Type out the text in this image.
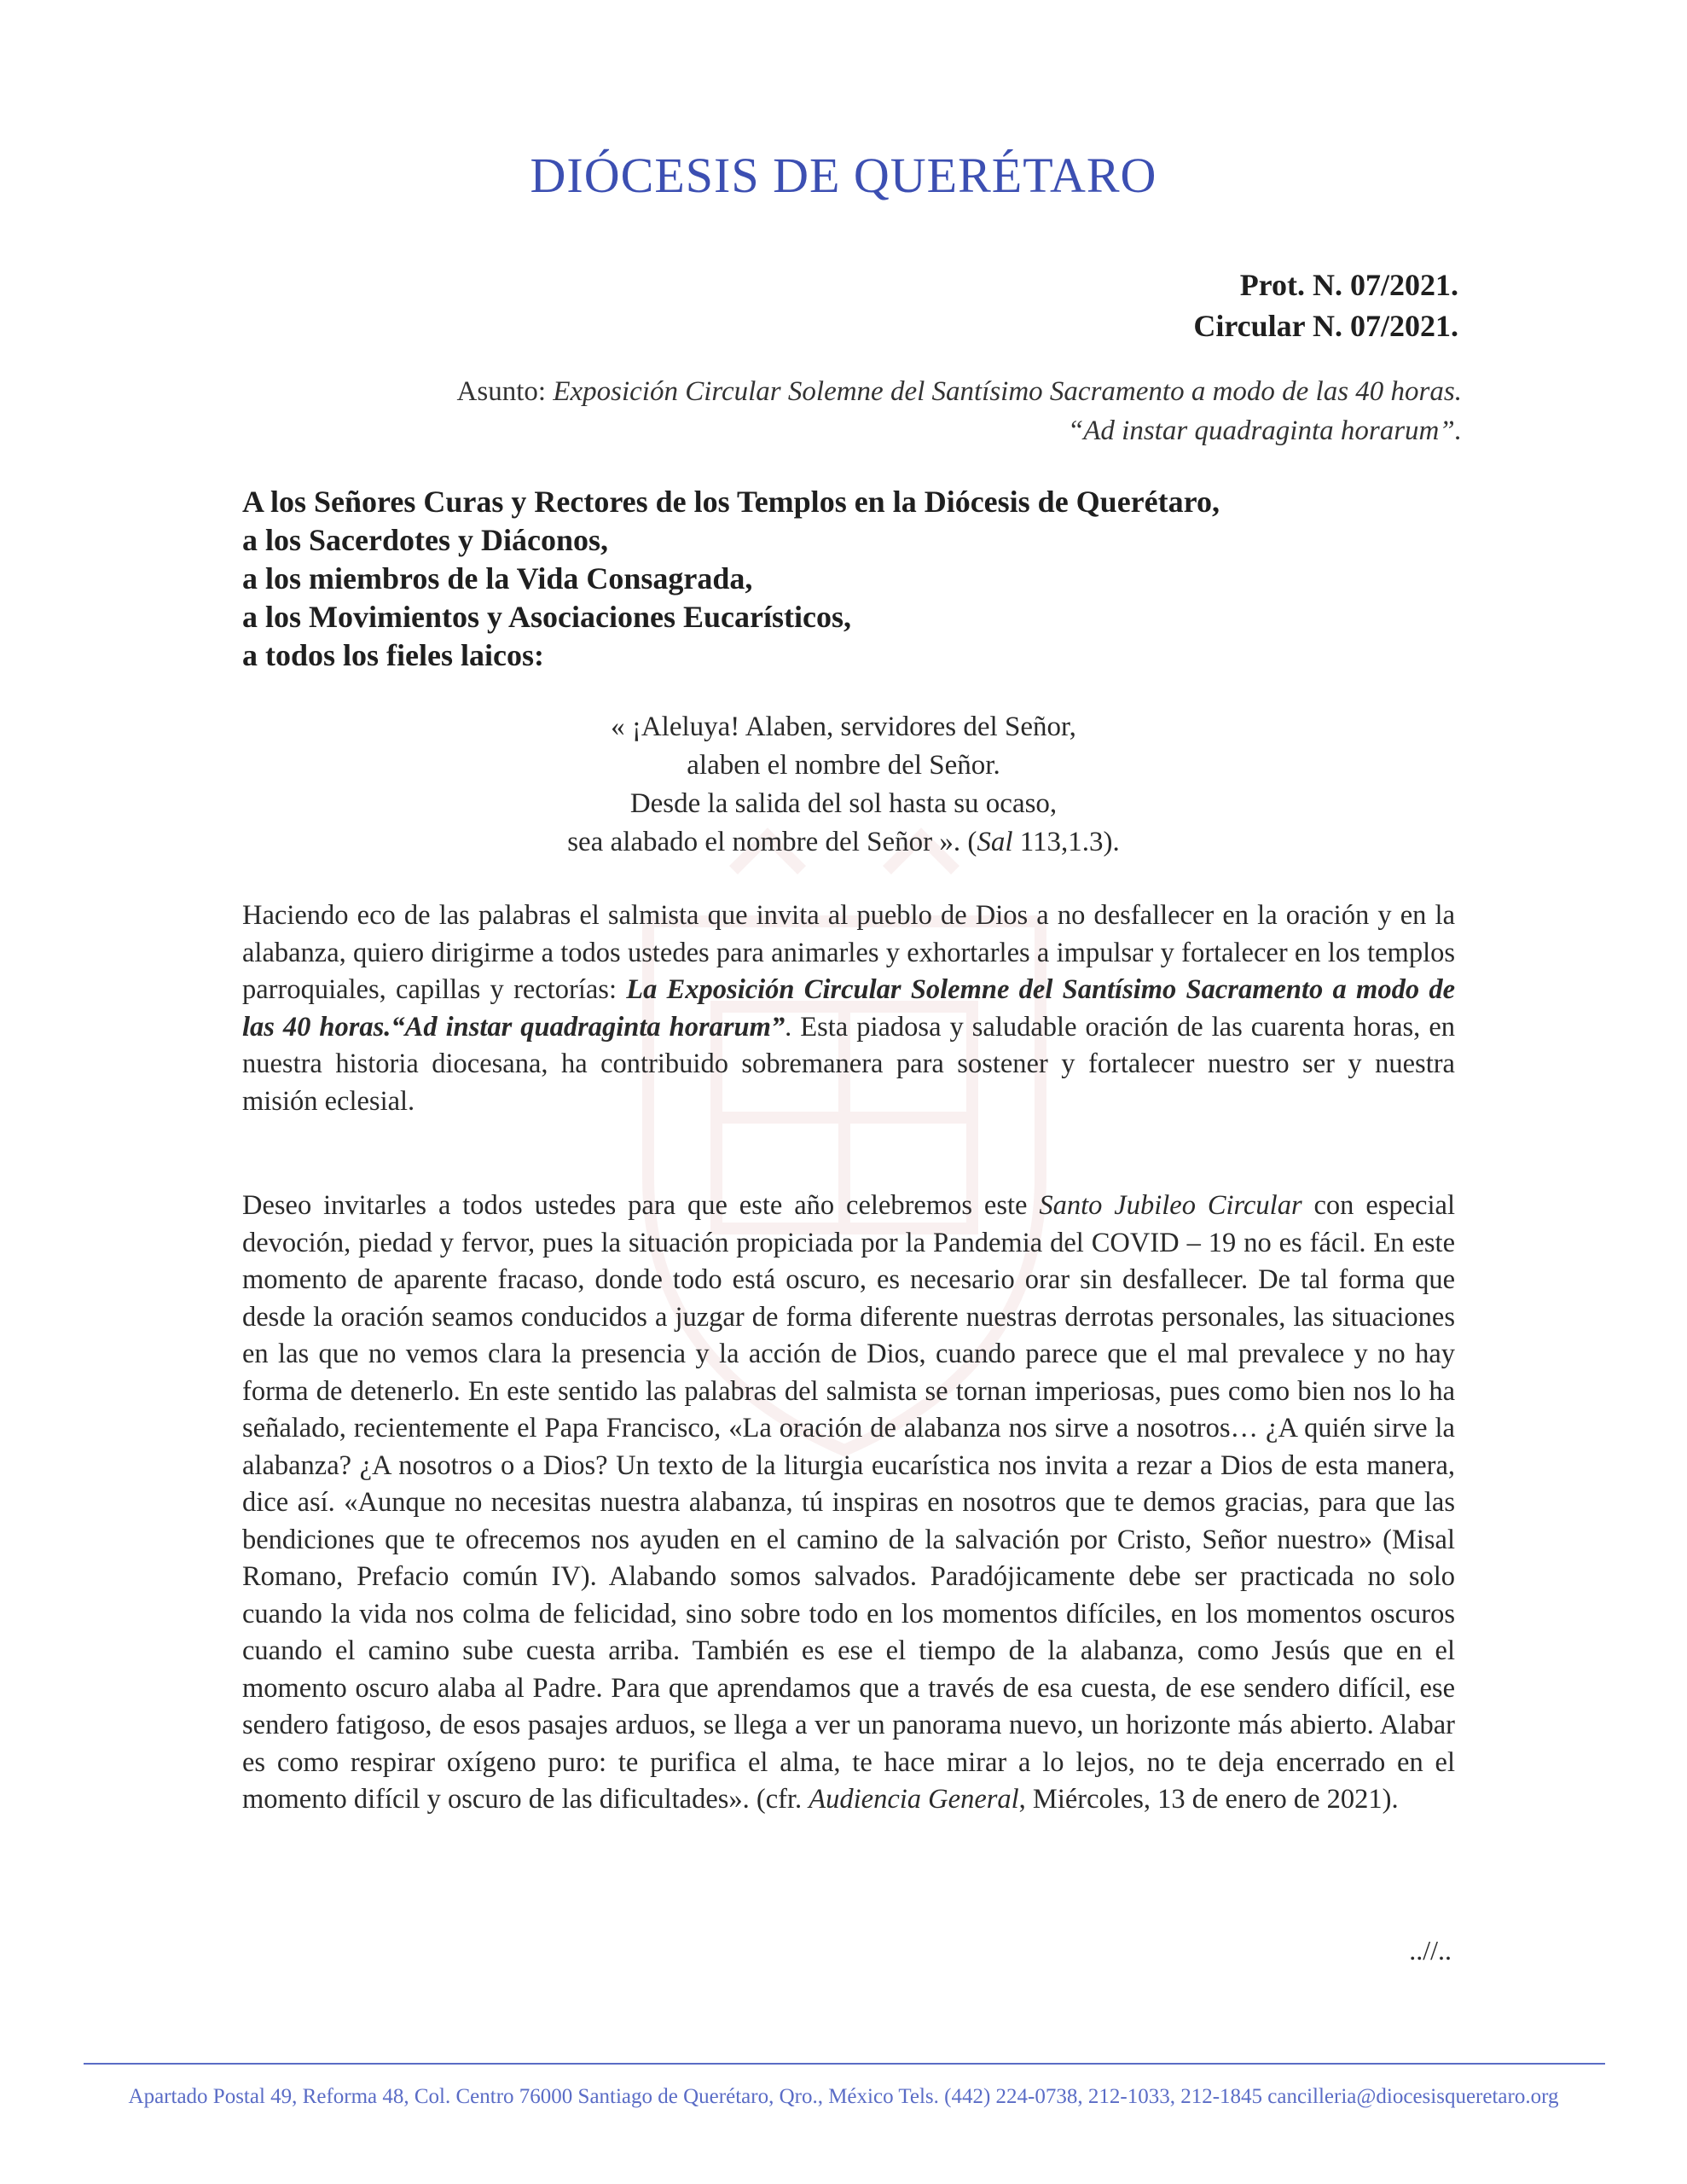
DIÓCESIS DE QUERÉTARO
Prot. N. 07/2021.
Circular N. 07/2021.
Asunto: Exposición Circular Solemne del Santísimo Sacramento a modo de las 40 horas.
“Ad instar quadraginta horarum”.
A los Señores Curas y Rectores de los Templos en la Diócesis de Querétaro,
a los Sacerdotes y Diáconos,
a los miembros de la Vida Consagrada,
a los Movimientos y Asociaciones Eucarísticos,
a todos los fieles laicos:
« ¡Aleluya! Alaben, servidores del Señor,
alaben el nombre del Señor.
Desde la salida del sol hasta su ocaso,
sea alabado el nombre del Señor ». (Sal 113,1.3).
Haciendo eco de las palabras el salmista que invita al pueblo de Dios a no desfallecer en la oración y en la alabanza, quiero dirigirme a todos ustedes para animarles y exhortarles a impulsar y fortalecer en los templos parroquiales, capillas y rectorías: La Exposición Circular Solemne del Santísimo Sacramento a modo de las 40 horas.“Ad instar quadraginta horarum”. Esta piadosa y saludable oración de las cuarenta horas, en nuestra historia diocesana, ha contribuido sobremanera para sostener y fortalecer nuestro ser y nuestra misión eclesial.
Deseo invitarles a todos ustedes para que este año celebremos este Santo Jubileo Circular con especial devoción, piedad y fervor, pues la situación propiciada por la Pandemia del COVID – 19 no es fácil. En este momento de aparente fracaso, donde todo está oscuro, es necesario orar sin desfallecer. De tal forma que desde la oración seamos conducidos a juzgar de forma diferente nuestras derrotas personales, las situaciones en las que no vemos clara la presencia y la acción de Dios, cuando parece que el mal prevalece y no hay forma de detenerlo. En este sentido las palabras del salmista se tornan imperiosas, pues como bien nos lo ha señalado, recientemente el Papa Francisco, «La oración de alabanza nos sirve a nosotros… ¿A quién sirve la alabanza? ¿A nosotros o a Dios? Un texto de la liturgia eucarística nos invita a rezar a Dios de esta manera, dice así. «Aunque no necesitas nuestra alabanza, tú inspiras en nosotros que te demos gracias, para que las bendiciones que te ofrecemos nos ayuden en el camino de la salvación por Cristo, Señor nuestro» (Misal Romano, Prefacio común IV). Alabando somos salvados. Paradójicamente debe ser practicada no solo cuando la vida nos colma de felicidad, sino sobre todo en los momentos difíciles, en los momentos oscuros cuando el camino sube cuesta arriba. También es ese el tiempo de la alabanza, como Jesús que en el momento oscuro alaba al Padre. Para que aprendamos que a través de esa cuesta, de ese sendero difícil, ese sendero fatigoso, de esos pasajes arduos, se llega a ver un panorama nuevo, un horizonte más abierto. Alabar es como respirar oxígeno puro: te purifica el alma, te hace mirar a lo lejos, no te deja encerrado en el momento difícil y oscuro de las dificultades». (cfr. Audiencia General, Miércoles, 13 de enero de 2021).
..//..
Apartado Postal 49, Reforma 48, Col. Centro 76000 Santiago de Querétaro, Qro., México Tels. (442) 224-0738, 212-1033, 212-1845 cancilleria@diocesisqueretaro.org
